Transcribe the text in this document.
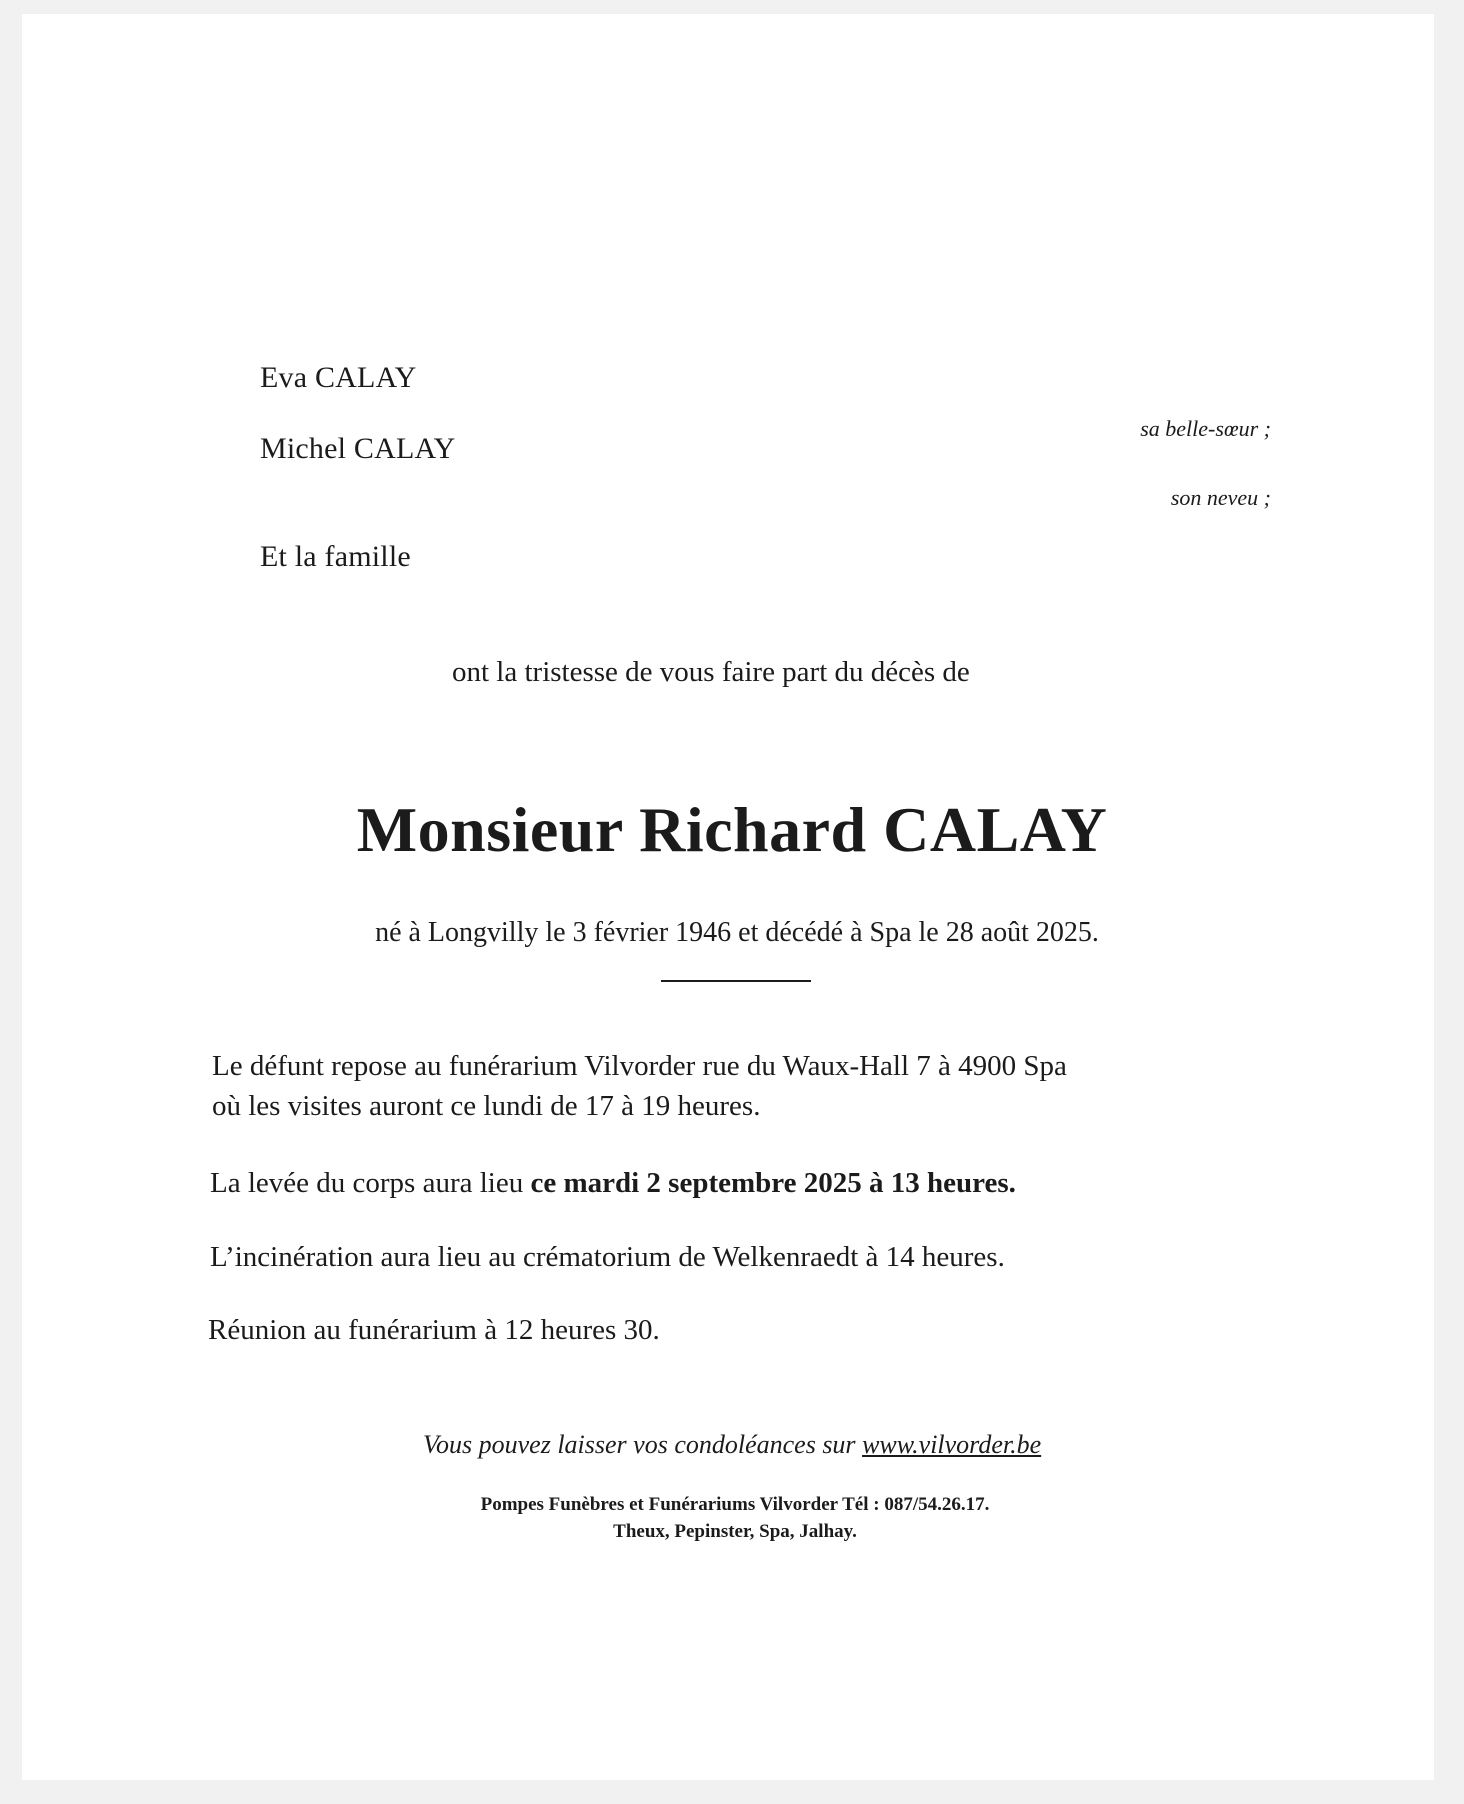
Eva CALAY
sa belle-sœur ;
Michel CALAY
son neveu ;
Et la famille
ont la tristesse de vous faire part du décès de
Monsieur Richard CALAY
né à Longvilly le 3 février 1946 et décédé à Spa le 28 août 2025.
Le défunt repose au funérarium Vilvorder rue du Waux-Hall 7 à 4900 Spa
où les visites auront ce lundi de 17 à 19 heures.
La levée du corps aura lieu ce mardi 2 septembre 2025 à 13 heures.
L’incinération aura lieu au crématorium de Welkenraedt à 14 heures.
Réunion au funérarium à 12 heures 30.
Vous pouvez laisser vos condoléances sur www.vilvorder.be
Pompes Funèbres et Funérariums Vilvorder Tél : 087/54.26.17.
Theux, Pepinster, Spa, Jalhay.
